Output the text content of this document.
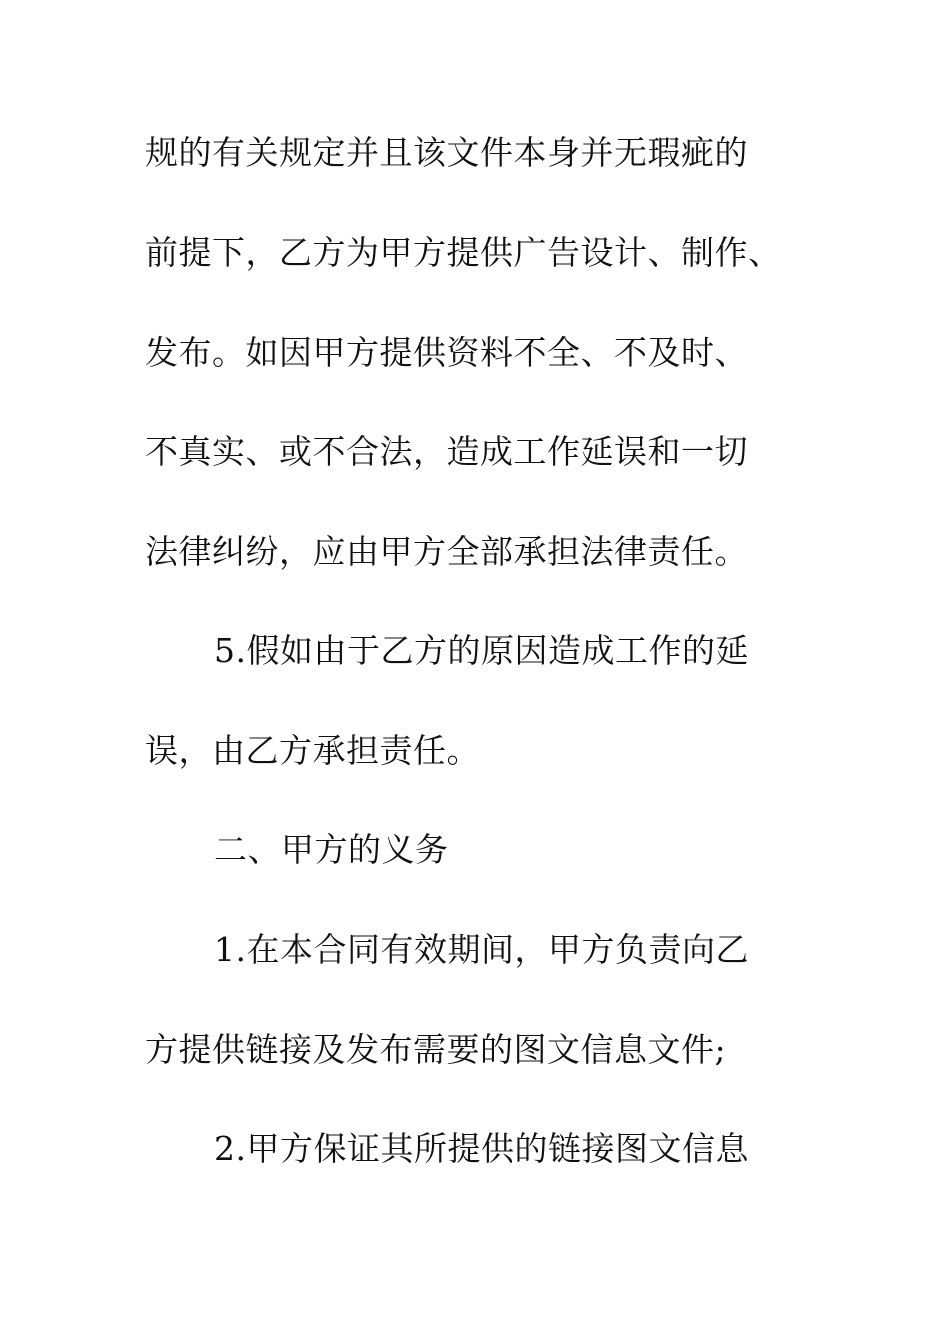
规的有关规定并且该文件本身并无瑕疵的
前提下，乙方为甲方提供广告设计、制作、
发布。如因甲方提供资料不全、不及时、
不真实、或不合法，造成工作延误和一切
法律纠纷，应由甲方全部承担法律责任。
5.假如由于乙方的原因造成工作的延
误，由乙方承担责任。
二、甲方的义务
1.在本合同有效期间，甲方负责向乙
方提供链接及发布需要的图文信息文件;
2.甲方保证其所提供的链接图文信息
